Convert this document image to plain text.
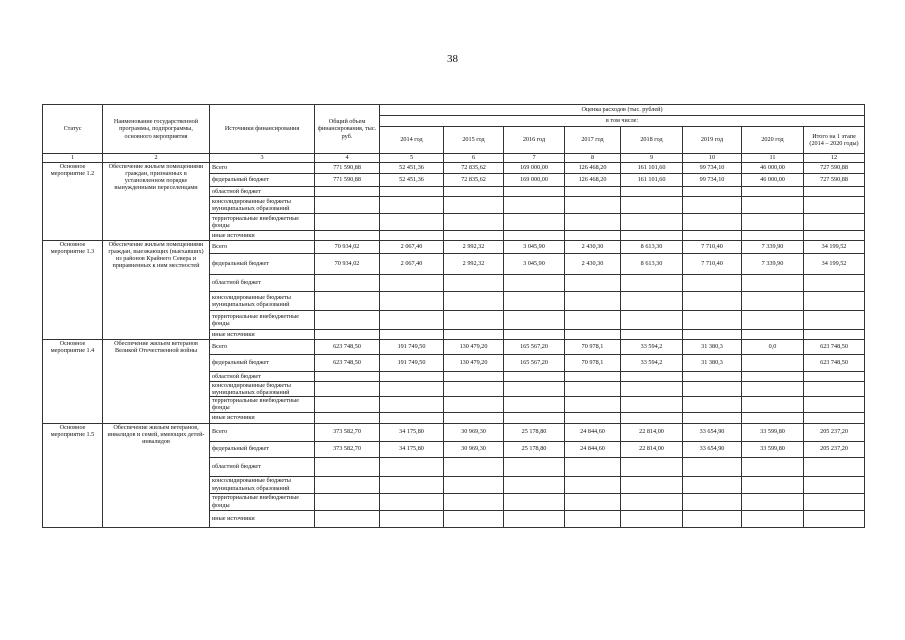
38
Статус	Наименование государственной программы, подпрограммы, основного мероприятия	Источники финансирования	Общий объем финансирования, тыс. руб.	Оценка расходов (тыс. рублей)							
				в том числе:							
				2014 год	2015 год	2016 год	2017 год	2018 год	2019 год	2020 год	Итого на 1 этапе (2014 – 2020 годы)
1	2	3	4	5	6	7	8	9	10	11	12
Основное мероприятие 1.2	Обеспечение жильем помещениями граждан, признанных в установленном порядке вынужденными переселенцами	Всего	771 590,88	52 451,36	72 835,62	169 000,00	126 468,20	161 101,60	99 734,10	46 000,00	727 590,88
		федеральный бюджет	771 590,88	52 451,36	72 835,62	169 000,00	126 468,20	161 101,60	99 734,10	46 000,00	727 590,88
		областной бюджет									
		консолидированные бюджеты муниципальных образований									
		территориальные внебюджетные фонды									
		иные источники									
Основное мероприятие 1.3	Обеспечение жильем помещениями граждан, выезжающих (выехавших) из районов Крайнего Севера и приравненных к ним местностей	Всего	70 934,02	2 067,40	2 992,32	3 045,90	2 430,30	8 613,30	7 710,40	7 339,90	34 199,52
		федеральный бюджет	70 934,02	2 067,40	2 992,32	3 045,90	2 430,30	8 613,30	7 710,40	7 339,90	34 199,52
		областной бюджет									
		консолидированные бюджеты муниципальных образований									
		территориальные внебюджетные фонды									
		иные источники									
Основное мероприятие 1.4	Обеспечение жильем ветеранов Великой Отечественной войны	Всего	623 748,50	191 749,50	130 479,20	165 567,20	70 978,1	33 594,2	31 380,3	0,0	623 748,50
		федеральный бюджет	623 748,50	191 749,50	130 479,20	165 567,20	70 978,1	33 594,2	31 380,3		623 748,50
		областной бюджет									
		консолидированные бюджеты муниципальных образований									
		территориальные внебюджетные фонды									
		иные источники									
Основное мероприятие 1.5	Обеспечение жильем ветеранов, инвалидов и семей, имеющих детей-инвалидов	Всего	373 582,70	34 175,80	30 969,30	25 178,80	24 844,60	22 814,00	33 654,90	33 599,80	205 237,20
		федеральный бюджет	373 582,70	34 175,80	30 969,30	25 178,80	24 844,60	22 814,00	33 654,90	33 599,80	205 237,20
		областной бюджет									
		консолидированные бюджеты муниципальных образований									
		территориальные внебюджетные фонды									
		иные источники									
